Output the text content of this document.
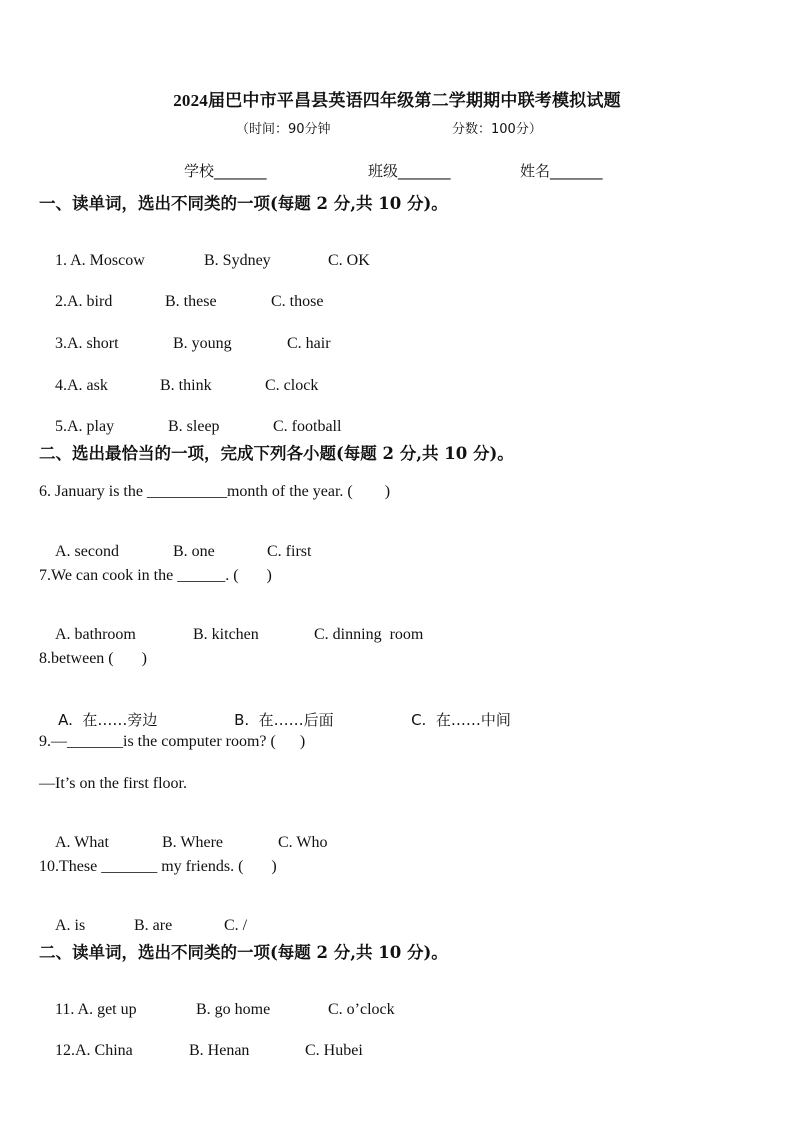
2024届巴中市平昌县英语四年级第二学期期中联考模拟试题
（时间：90分钟	分数：100分）
学校_______	班级_______	姓名_______
一、读单词，选出不同类的一项(每题 2 分,共 10 分)。

1. A. Moscow	B. Sydney	C. OK

2.A. bird	B. these	C. those

3.A. short	B. young	C. hair

4.A. ask	B. think	C. clock

5.A. play	B. sleep	C. football

二、选出最恰当的一项，完成下列各小题(每题 2 分,共 10 分)。
6. January is the __________month of the year. (        )

A. second	B. one	C. first

7.We can cook in the ______. (       )

A. bathroom	B. kitchen	C. dinning  room

8.between (       )

A.  在……旁边	B.  在……后面	C.  在……中间

9.—_______is the computer room? (      )
—It’s on the first floor.

A. What	B. Where	C. Who

10.These _______ my friends. (       )

A. is	B. are	C. /

二、读单词，选出不同类的一项(每题 2 分,共 10 分)。

11. A. get up	B. go home	C. o’clock

12.A. China	B. Henan	C. Hubei
